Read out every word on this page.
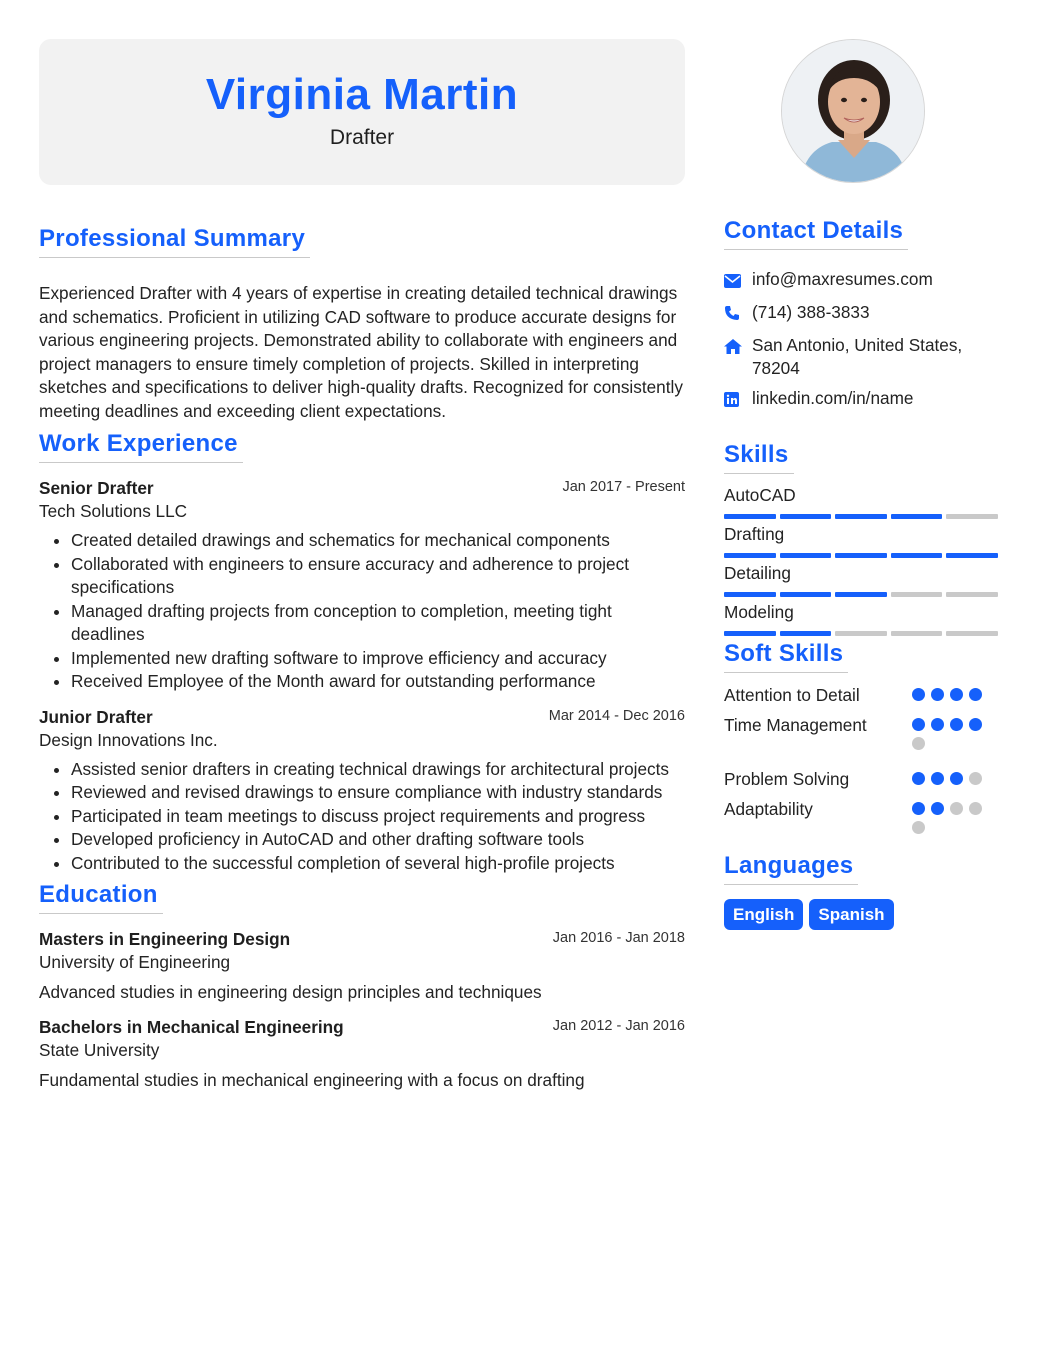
Virginia Martin
Drafter
Professional Summary
Experienced Drafter with 4 years of expertise in creating detailed technical drawings and schematics. Proficient in utilizing CAD software to produce accurate designs for various engineering projects. Demonstrated ability to collaborate with engineers and project managers to ensure timely completion of projects. Skilled in interpreting sketches and specifications to deliver high-quality drafts. Recognized for consistently meeting deadlines and exceeding client expectations.
Work Experience
Senior Drafter	Jan 2017 - Present
Tech Solutions LLC
• Created detailed drawings and schematics for mechanical components
• Collaborated with engineers to ensure accuracy and adherence to project specifications
• Managed drafting projects from conception to completion, meeting tight deadlines
• Implemented new drafting software to improve efficiency and accuracy
• Received Employee of the Month award for outstanding performance
Junior Drafter	Mar 2014 - Dec 2016
Design Innovations Inc.
• Assisted senior drafters in creating technical drawings for architectural projects
• Reviewed and revised drawings to ensure compliance with industry standards
• Participated in team meetings to discuss project requirements and progress
• Developed proficiency in AutoCAD and other drafting software tools
• Contributed to the successful completion of several high-profile projects
Education
Masters in Engineering Design	Jan 2016 - Jan 2018
University of Engineering
Advanced studies in engineering design principles and techniques
Bachelors in Mechanical Engineering	Jan 2012 - Jan 2016
State University
Fundamental studies in mechanical engineering with a focus on drafting
Contact Details
info@maxresumes.com
(714) 388-3833
San Antonio, United States, 78204
linkedin.com/in/name
Skills
AutoCAD
Drafting
Detailing
Modeling
Soft Skills
Attention to Detail
Time Management
Problem Solving
Adaptability
Languages
English	Spanish
